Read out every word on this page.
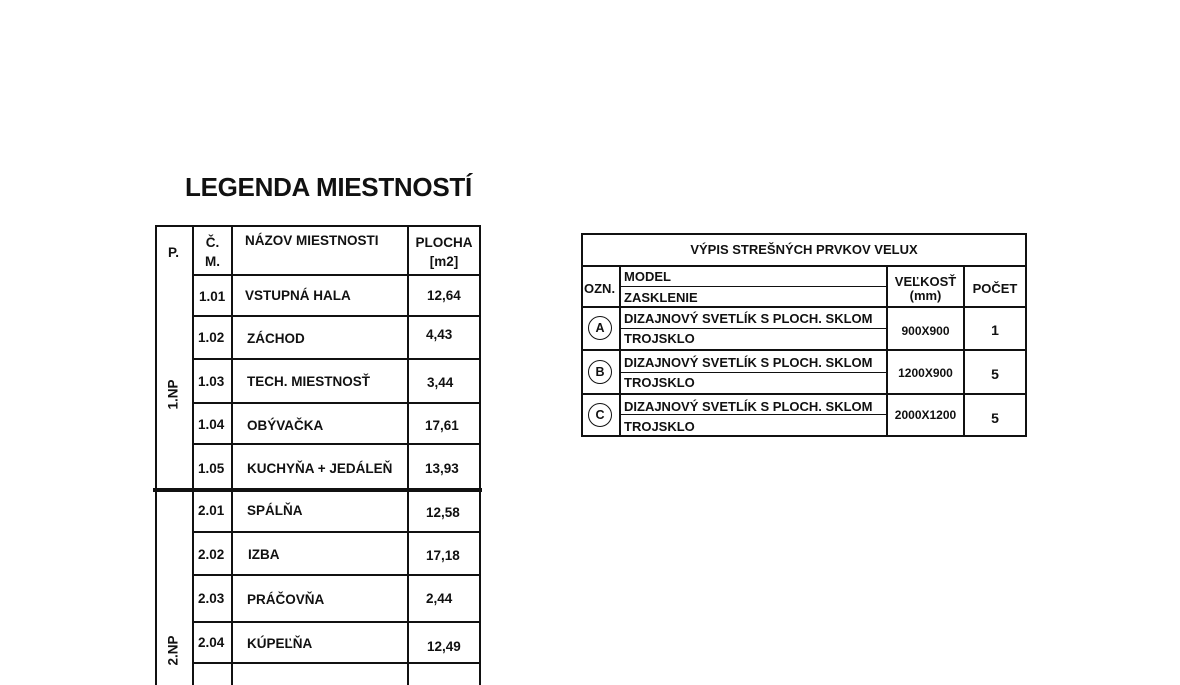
LEGENDA MIESTNOSTÍ
P.
Č.
M.
NÁZOV MIESTNOSTI	PLOCHA
[m2]
1.NP
2.NP
1.01 VSTUPNÁ HALA	12,64
1.02 ZÁCHOD	4,43
1.03 TECH. MIESTNOSŤ	3,44
1.04 OBÝVAČKA	17,61
1.05 KUCHYŇA + JEDÁLEŇ 13,93
2.01 SPÁLŇA	12,58
2.02 IZBA	17,18
2.03 PRÁČOVŇA	2,44
2.04 KÚPEĽŇA	12,49
VÝPIS STREŠNÝCH PRVKOV VELUX
OZN.
MODEL
ZASKLENIE
VEĽKOSŤ
(mm)	POČET
A
DIZAJNOVÝ SVETLÍK S PLOCH. SKLOM
TROJSKLO	900X900	1
B
DIZAJNOVÝ SVETLÍK S PLOCH. SKLOM
TROJSKLO
1200X900	5
C
DIZAJNOVÝ SVETLÍK S PLOCH. SKLOM
TROJSKLO
2000X1200	5
